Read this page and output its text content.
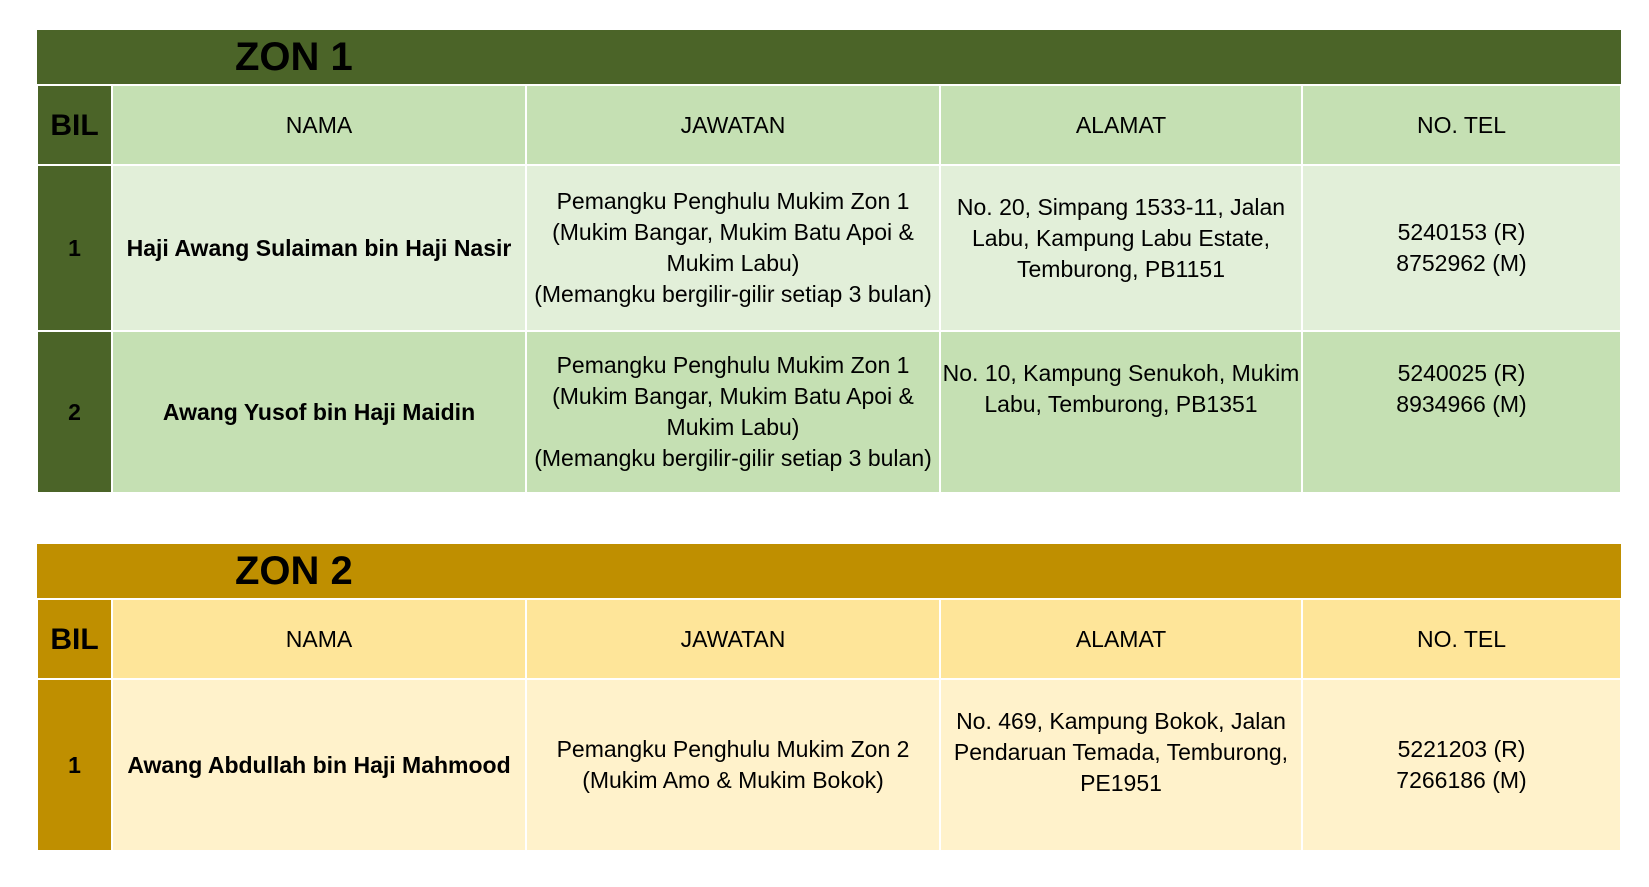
ZON 1				

BIL	NAMA	JAWATAN	ALAMAT	NO. TEL
1	Haji Awang Sulaiman bin Haji Nasir	Pemangku Penghulu Mukim Zon 1
(Mukim Bangar, Mukim Batu Apoi &
Mukim Labu)
(Memangku bergilir-gilir setiap 3 bulan)	No. 20, Simpang 1533-11, Jalan
Labu, Kampung Labu Estate,
Temburong, PB1151	5240153 (R)
8752962 (M)
2	Awang Yusof bin Haji Maidin	Pemangku Penghulu Mukim Zon 1
(Mukim Bangar, Mukim Batu Apoi &
Mukim Labu)
(Memangku bergilir-gilir setiap 3 bulan)	No. 10, Kampung Senukoh, Mukim
Labu, Temburong, PB1351	5240025 (R)
8934966 (M)
ZON 2				

BIL	NAMA	JAWATAN	ALAMAT	NO. TEL
1	Awang Abdullah bin Haji Mahmood	Pemangku Penghulu Mukim Zon 2
(Mukim Amo & Mukim Bokok)	No. 469, Kampung Bokok, Jalan
Pendaruan Temada, Temburong,
PE1951	5221203 (R)
7266186 (M)
